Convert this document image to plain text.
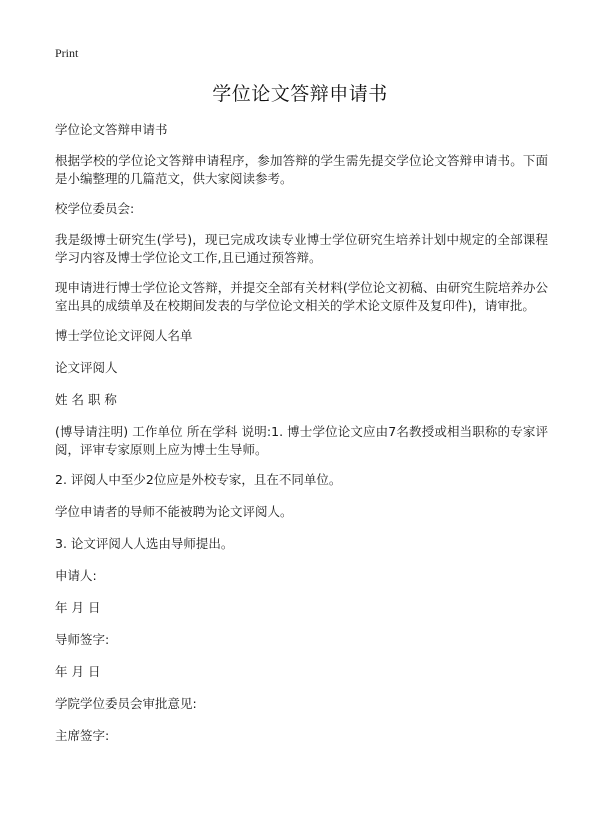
Print
学位论文答辩申请书

学位论文答辩申请书

根据学校的学位论文答辩申请程序，参加答辩的学生需先提交学位论文答辩申请书。下面是小编整理的几篇范文，供大家阅读参考。

校学位委员会:

我是级博士研究生(学号)，现已完成攻读专业博士学位研究生培养计划中规定的全部课程学习内容及博士学位论文工作,且已通过预答辩。

现申请进行博士学位论文答辩，并提交全部有关材料(学位论文初稿、由研究生院培养办公室出具的成绩单及在校期间发表的与学位论文相关的学术论文原件及复印件)，请审批。

博士学位论文评阅人名单

论文评阅人

姓 名 职 称

(博导请注明) 工作单位 所在学科 说明:1. 博士学位论文应由7名教授或相当职称的专家评阅，评审专家原则上应为博士生导师。

2. 评阅人中至少2位应是外校专家，且在不同单位。

学位申请者的导师不能被聘为论文评阅人。

3. 论文评阅人人选由导师提出。

申请人:

年 月 日

导师签字:

年 月 日

学院学位委员会审批意见:

主席签字:
